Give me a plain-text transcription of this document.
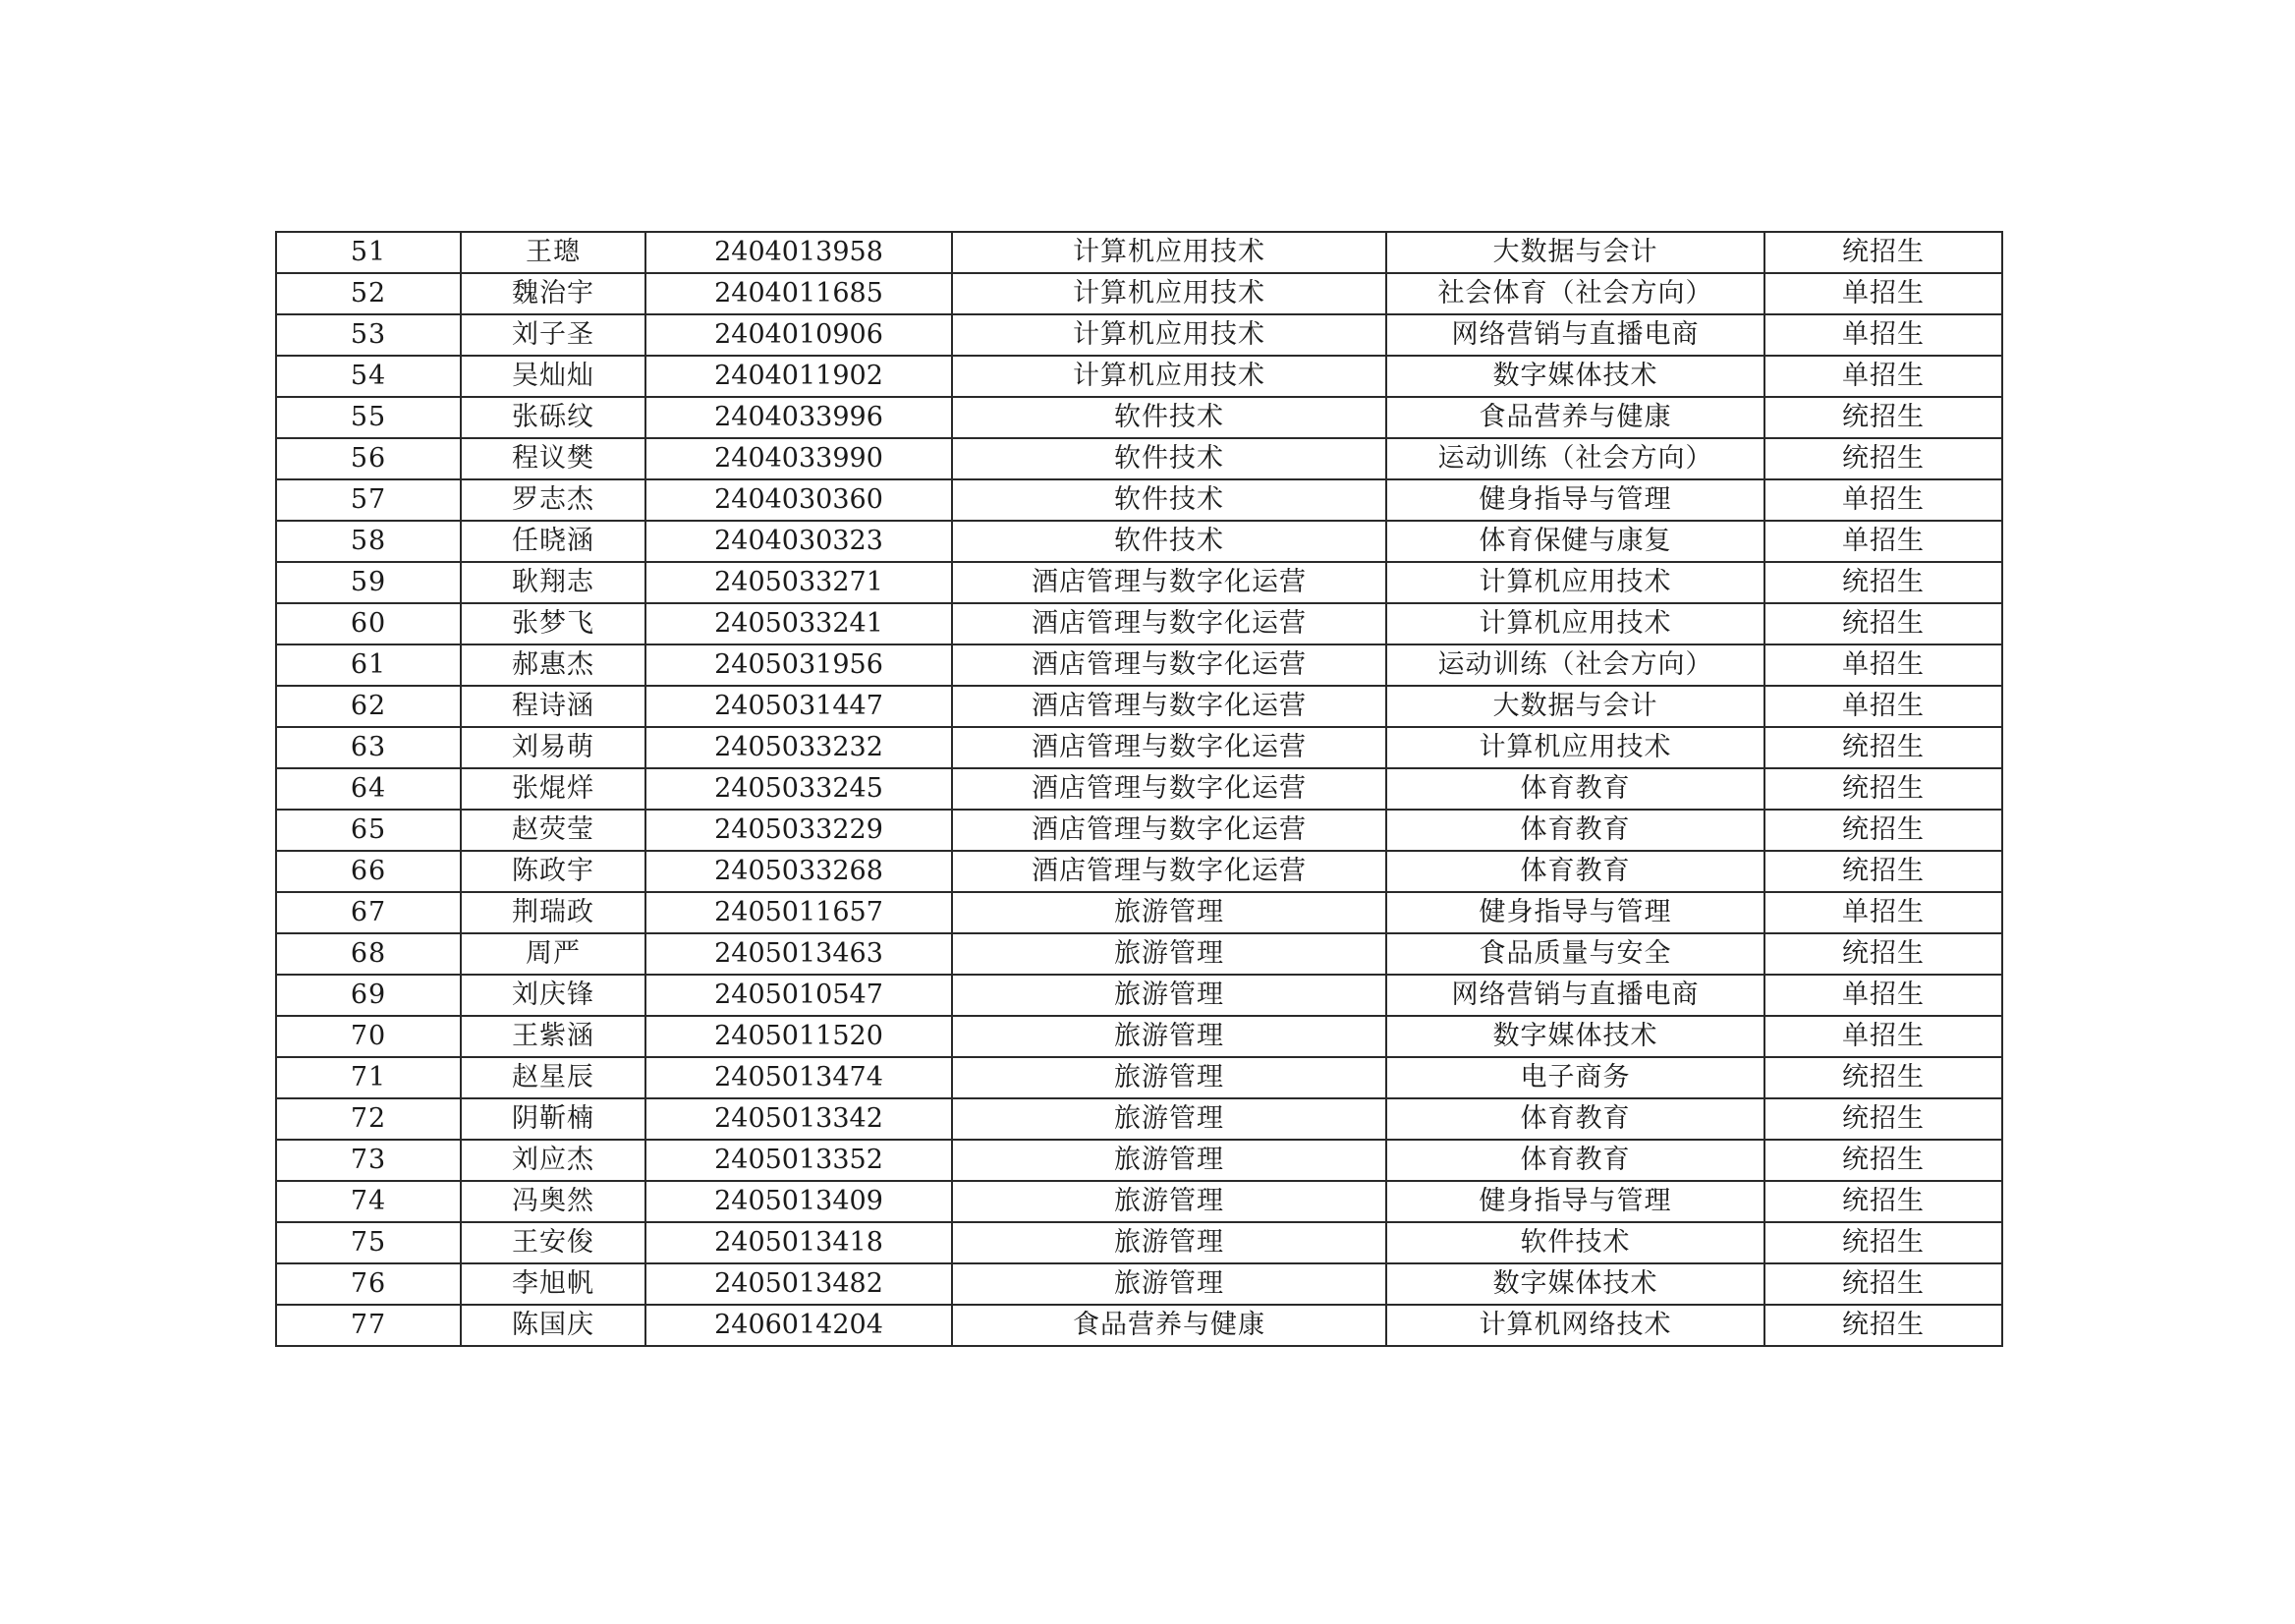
51	王璁	2404013958	计算机应用技术	大数据与会计	统招生
52	魏治宇	2404011685	计算机应用技术	社会体育（社会方向）	单招生
53	刘子圣	2404010906	计算机应用技术	网络营销与直播电商	单招生
54	吴灿灿	2404011902	计算机应用技术	数字媒体技术	单招生
55	张砾纹	2404033996	软件技术	食品营养与健康	统招生
56	程议樊	2404033990	软件技术	运动训练（社会方向）	统招生
57	罗志杰	2404030360	软件技术	健身指导与管理	单招生
58	任晓涵	2404030323	软件技术	体育保健与康复	单招生
59	耿翔志	2405033271	酒店管理与数字化运营	计算机应用技术	统招生
60	张梦飞	2405033241	酒店管理与数字化运营	计算机应用技术	统招生
61	郝惠杰	2405031956	酒店管理与数字化运营	运动训练（社会方向）	单招生
62	程诗涵	2405031447	酒店管理与数字化运营	大数据与会计	单招生
63	刘易萌	2405033232	酒店管理与数字化运营	计算机应用技术	统招生
64	张焜烊	2405033245	酒店管理与数字化运营	体育教育	统招生
65	赵荧莹	2405033229	酒店管理与数字化运营	体育教育	统招生
66	陈政宇	2405033268	酒店管理与数字化运营	体育教育	统招生
67	荆瑞政	2405011657	旅游管理	健身指导与管理	单招生
68	周严	2405013463	旅游管理	食品质量与安全	统招生
69	刘庆锋	2405010547	旅游管理	网络营销与直播电商	单招生
70	王紫涵	2405011520	旅游管理	数字媒体技术	单招生
71	赵星辰	2405013474	旅游管理	电子商务	统招生
72	阴靳楠	2405013342	旅游管理	体育教育	统招生
73	刘应杰	2405013352	旅游管理	体育教育	统招生
74	冯奥然	2405013409	旅游管理	健身指导与管理	统招生
75	王安俊	2405013418	旅游管理	软件技术	统招生
76	李旭帆	2405013482	旅游管理	数字媒体技术	统招生
77	陈国庆	2406014204	食品营养与健康	计算机网络技术	统招生
